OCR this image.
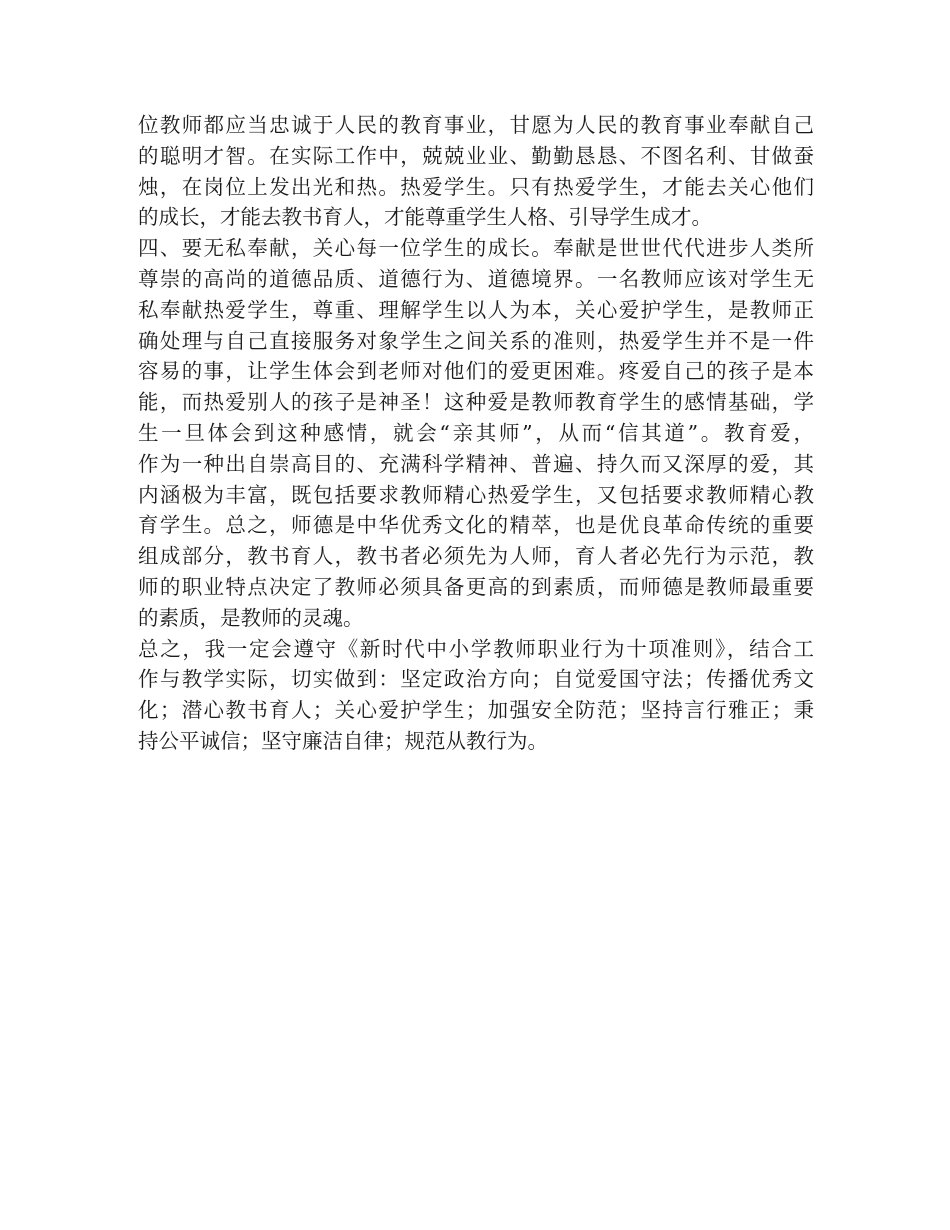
位教师都应当忠诚于人民的教育事业，甘愿为人民的教育事业奉献自己
的聪明才智。在实际工作中，兢兢业业、勤勤恳恳、不图名利、甘做蚕
烛，在岗位上发出光和热。热爱学生。只有热爱学生，才能去关心他们
的成长，才能去教书育人，才能尊重学生人格、引导学生成才。
四、要无私奉献，关心每一位学生的成长。奉献是世世代代进步人类所
尊崇的高尚的道德品质、道德行为、道德境界。一名教师应该对学生无
私奉献热爱学生，尊重、理解学生以人为本，关心爱护学生，是教师正
确处理与自己直接服务对象学生之间关系的准则，热爱学生并不是一件
容易的事，让学生体会到老师对他们的爱更困难。疼爱自己的孩子是本
能，而热爱别人的孩子是神圣！这种爱是教师教育学生的感情基础，学
生一旦体会到这种感情，就会“亲其师”，从而“信其道”。教育爱，
作为一种出自崇高目的、充满科学精神、普遍、持久而又深厚的爱，其
内涵极为丰富，既包括要求教师精心热爱学生，又包括要求教师精心教
育学生。总之，师德是中华优秀文化的精萃，也是优良革命传统的重要
组成部分，教书育人，教书者必须先为人师，育人者必先行为示范，教
师的职业特点决定了教师必须具备更高的到素质，而师德是教师最重要
的素质，是教师的灵魂。
总之，我一定会遵守《新时代中小学教师职业行为十项准则》，结合工
作与教学实际，切实做到：坚定政治方向；自觉爱国守法；传播优秀文
化；潜心教书育人；关心爱护学生；加强安全防范；坚持言行雅正；秉
持公平诚信；坚守廉洁自律；规范从教行为。
